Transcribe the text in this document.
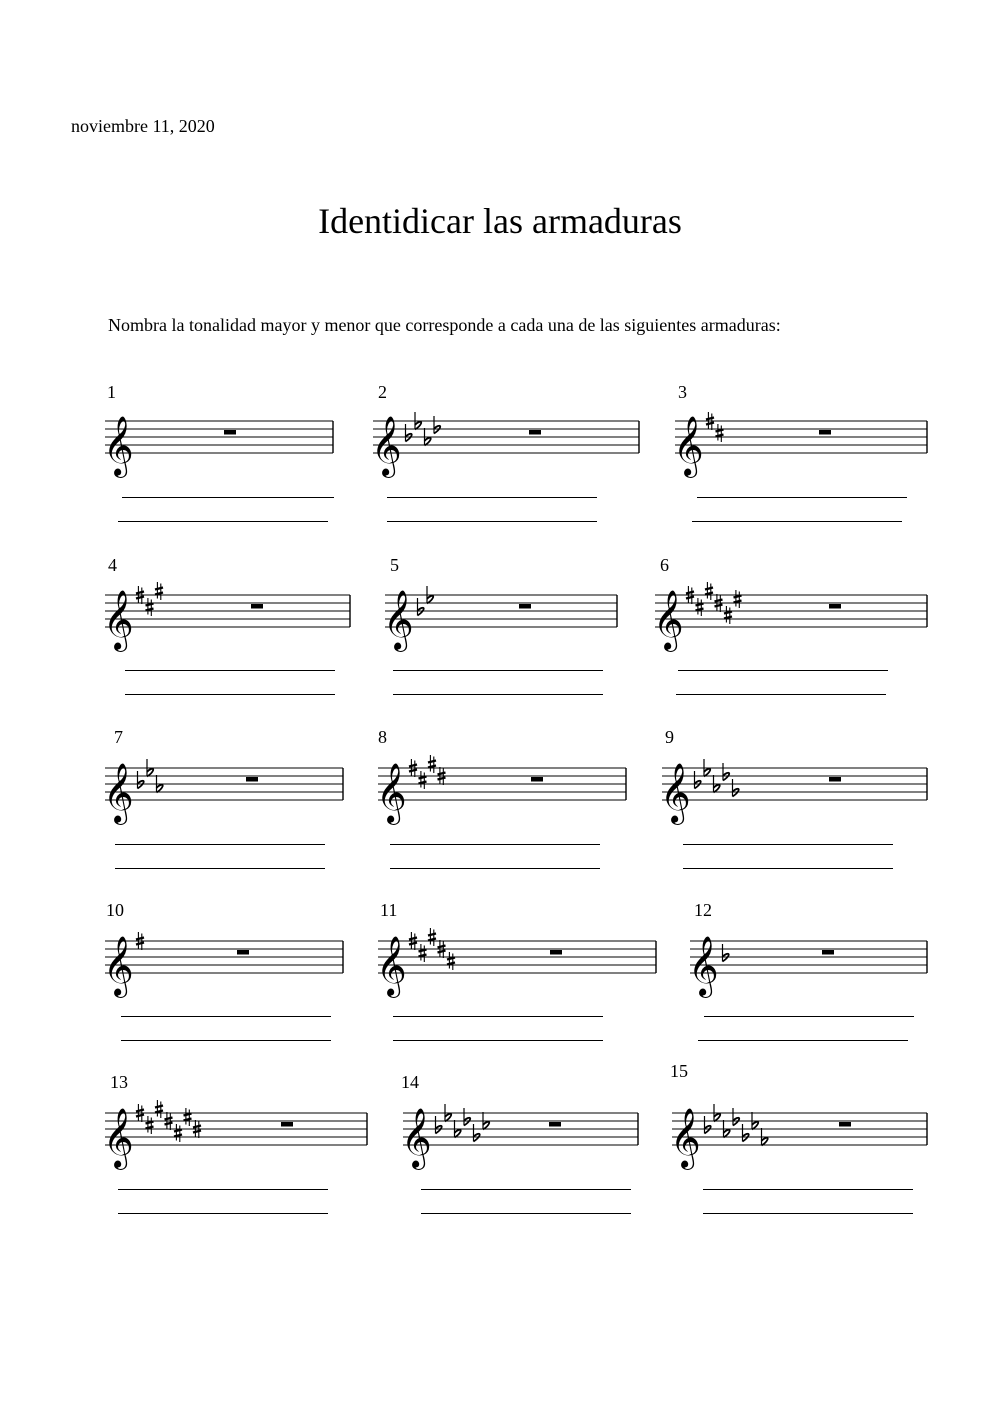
noviembre 11, 2020
Identidicar las armaduras
Nombra la tonalidad mayor y menor que corresponde a cada una de las siguientes armaduras:
1
𝄞
2
𝄞
3
𝄞
4
𝄞
5
𝄞
6
𝄞
7
𝄞
8
𝄞
9
𝄞
10
𝄞
11
𝄞
12
𝄞
13
𝄞
14
𝄞
15
𝄞
